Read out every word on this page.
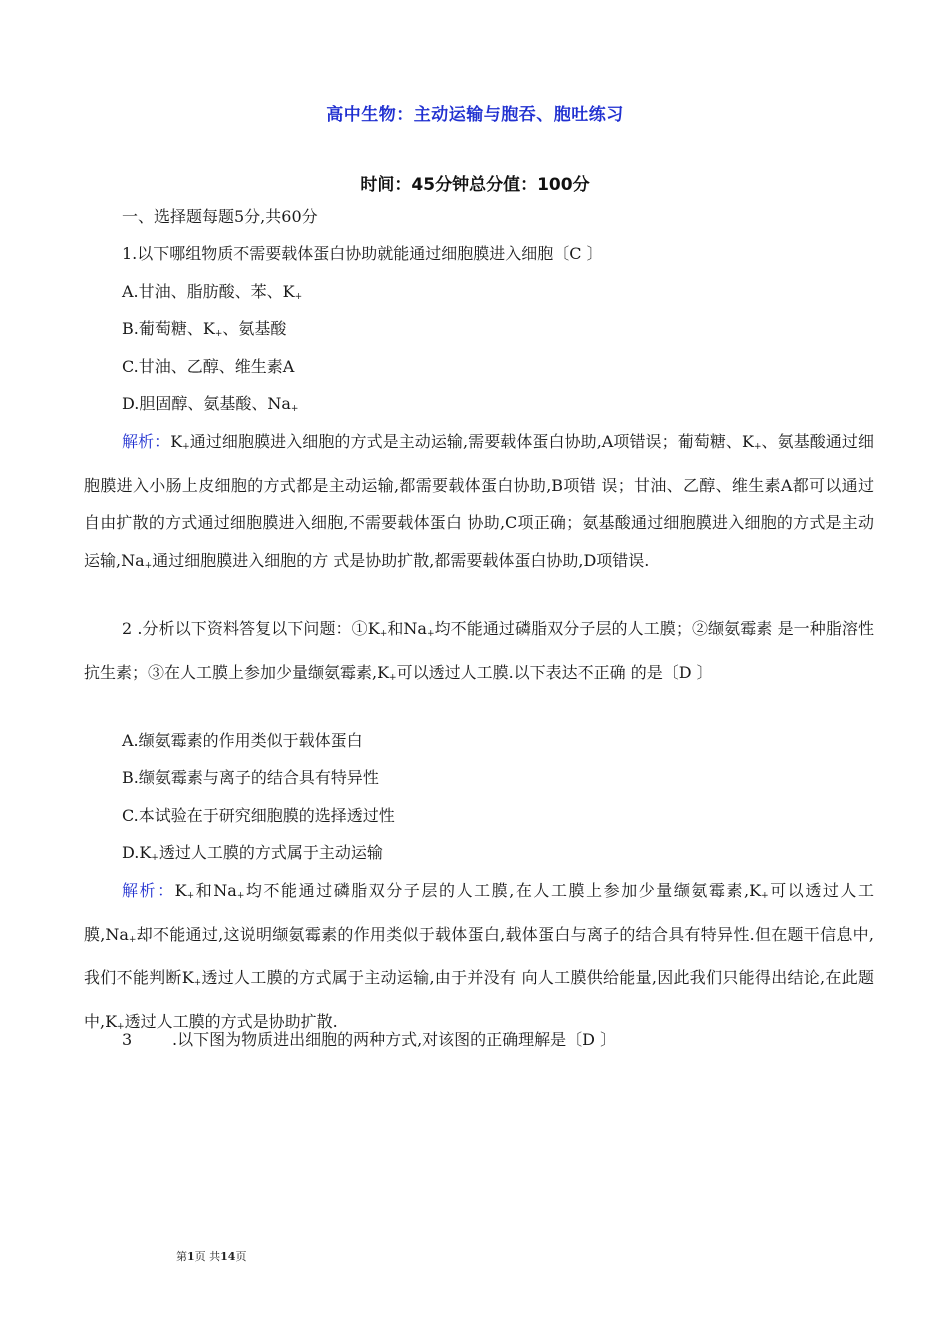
高中生物：主动运输与胞吞、胞吐练习
时间：45分钟总分值：100分
一、选择题每题5分,共60分
1.以下哪组物质不需要载体蛋白协助就能通过细胞膜进入细胞〔C 〕
A.甘油、脂肪酸、苯、$K_+$
B.葡萄糖、$K_+$、氨基酸
C.甘油、乙醇、维生素A
D.胆固醇、氨基酸、$Na_+$
解析：$K_+$通过细胞膜进入细胞的方式是主动运输,需要载体蛋白协助,A项错误；葡萄糖、$K_+$、氨基酸通过细胞膜进入小肠上皮细胞的方式都是主动运输,都需要载体蛋白协助,B项错 误；甘油、乙醇、维生素A都可以通过自由扩散的方式通过细胞膜进入细胞,不需要载体蛋白 协助,C项正确；氨基酸通过细胞膜进入细胞的方式是主动运输$,Na_+$通过细胞膜进入细胞的方 式是协助扩散,都需要载体蛋白协助,D项错误.
2 .分析以下资料答复以下问题：$①K_+$和$Na_+$均不能通过磷脂双分子层的人工膜；②缬氨霉素 是一种脂溶性抗生素；③在人工膜上参加少量缬氨霉素$,K_+$可以透过人工膜.以下表达不正确 的是〔D 〕
A.缬氨霉素的作用类似于载体蛋白
B.缬氨霉素与离子的结合具有特异性
C.本试验在于研究细胞膜的选择透过性
$D.K_+$透过人工膜的方式属于主动运输
解析：$K_+$和$Na_+$均不能通过磷脂双分子层的人工膜,在人工膜上参加少量缬氨霉素$,K_+$可以透过人工膜$,Na_+$却不能通过,这说明缬氨霉素的作用类似于载体蛋白,载体蛋白与离子的结合具有特异性.但在题干信息中,我们不能判断$K_+$透过人工膜的方式属于主动运输,由于并没有 向人工膜供给能量,因此我们只能得出结论,在此题中$,K_+$透过人工膜的方式是协助扩散.
3 .以下图为物质进出细胞的两种方式,对该图的正确理解是〔D 〕
第1页 共14页
